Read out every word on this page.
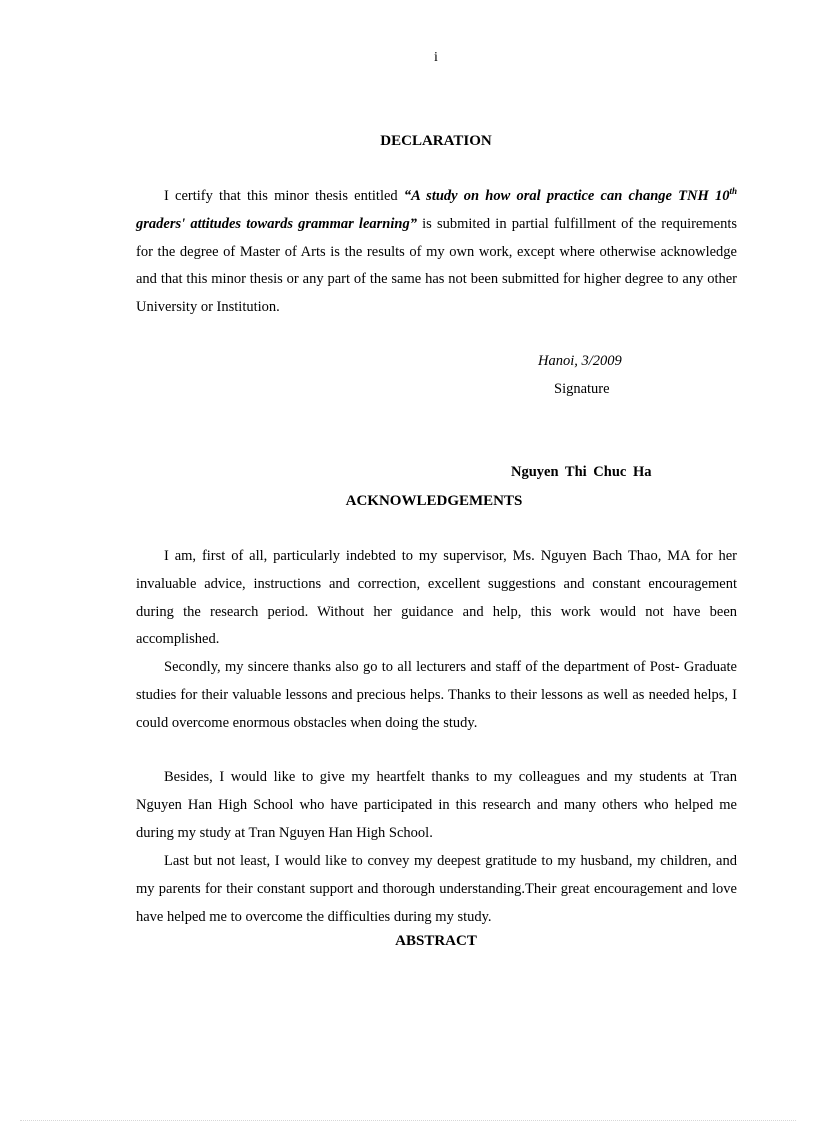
i
DECLARATION

I certify that this minor thesis entitled “A study on how oral practice can change TNH 10th graders' attitudes towards grammar learning” is submited in partial fulfillment of the requirements for the degree of Master of Arts is the results of my own work, except where otherwise acknowledge and that this minor thesis or any part of the same has not been submitted for higher degree to any other University or Institution.

Hanoi, 3/2009
Signature
Nguyen Thi Chuc Ha
ACKNOWLEDGEMENTS

I am, first of all, particularly indebted to my supervisor, Ms. Nguyen Bach Thao, MA for her invaluable advice, instructions and correction, excellent suggestions and constant encouragement during the research period. Without her guidance and help, this work would not have been accomplished.

Secondly, my sincere thanks also go to all lecturers and staff of the department of Post- Graduate studies for their valuable lessons and precious helps. Thanks to their lessons as well as needed helps, I could overcome enormous obstacles when doing the study.

Besides, I would like to give my heartfelt thanks to my colleagues and my students at Tran Nguyen Han High School who have participated in this research and many others who helped me during my study at Tran Nguyen Han High School.

Last but not least, I would like to convey my deepest gratitude to my husband, my children, and my parents for their constant support and thorough understanding.Their great encouragement and love have helped me to overcome the difficulties during my study.

ABSTRACT
